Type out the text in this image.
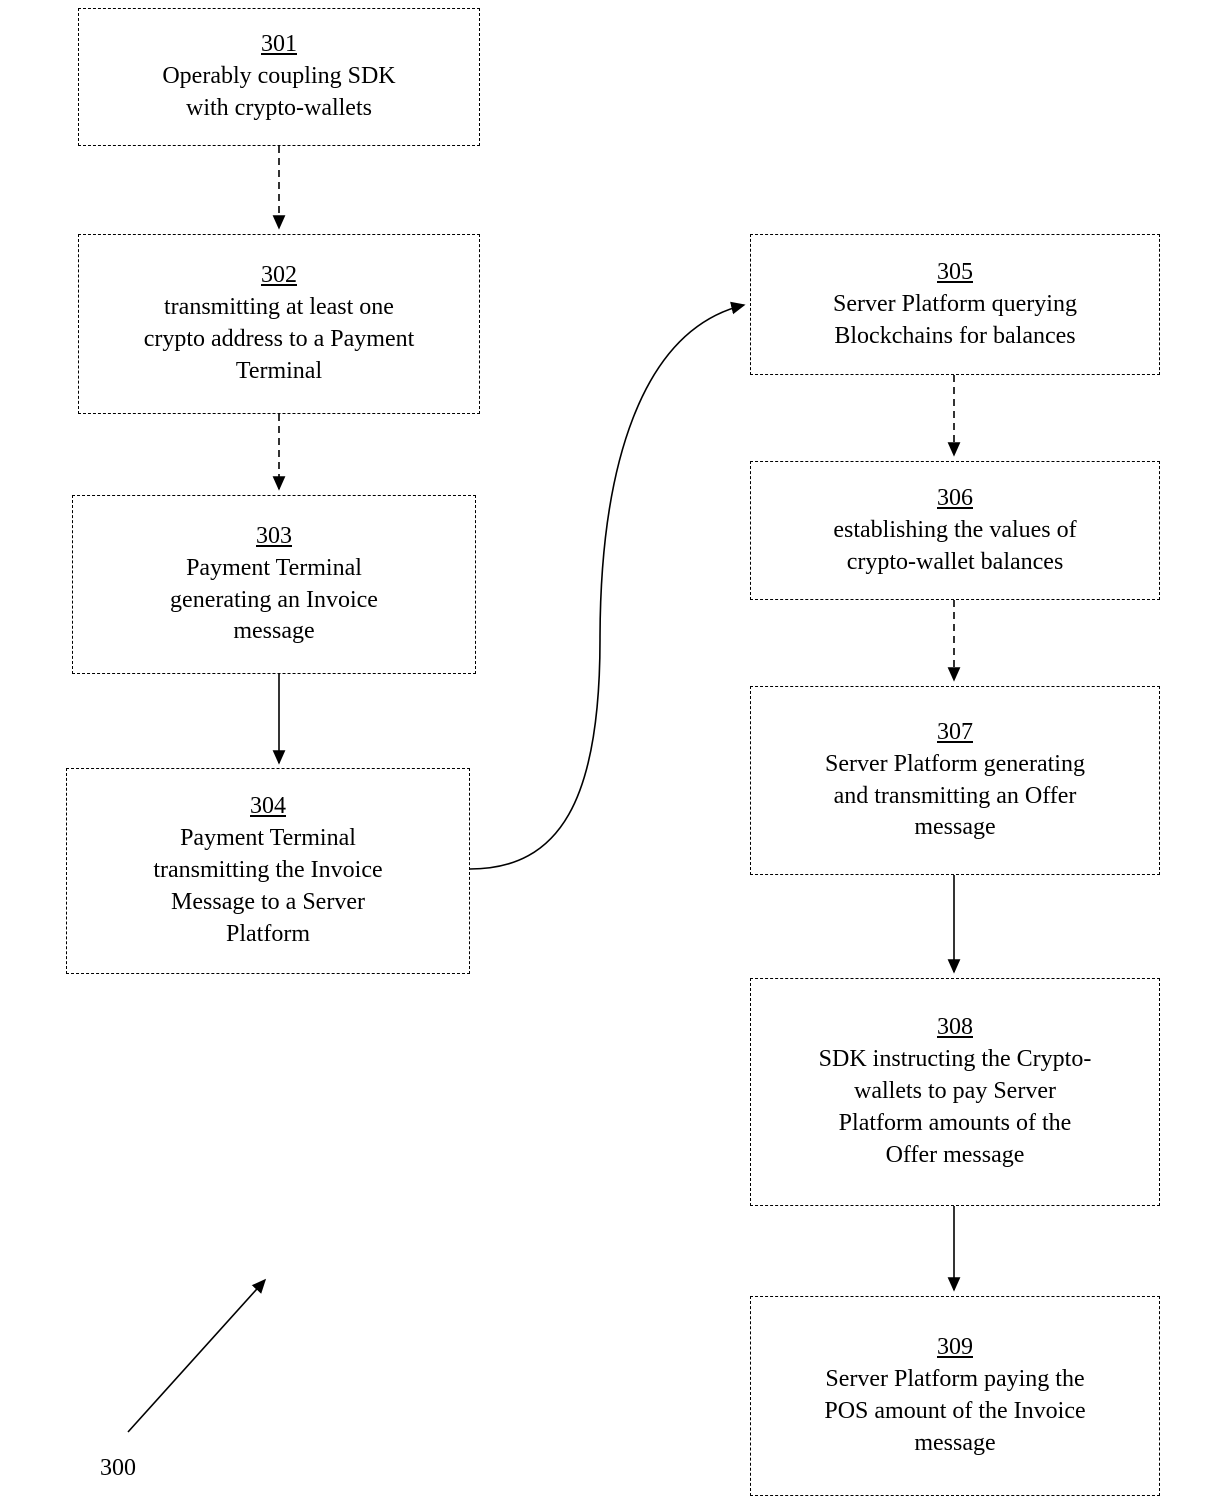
301
Operably coupling SDK
with crypto-wallets
302
transmitting at least one
crypto address to a Payment
Terminal
303
Payment Terminal
generating an Invoice
message
304
Payment Terminal
transmitting the Invoice
Message to a Server
Platform
305
Server Platform querying
Blockchains for balances
306
establishing the values of
crypto-wallet balances
307
Server Platform generating
and transmitting an Offer
message
308
SDK instructing the Crypto-
wallets to pay Server
Platform amounts of the
Offer message
309
Server Platform paying the
POS amount of the Invoice
message
300
